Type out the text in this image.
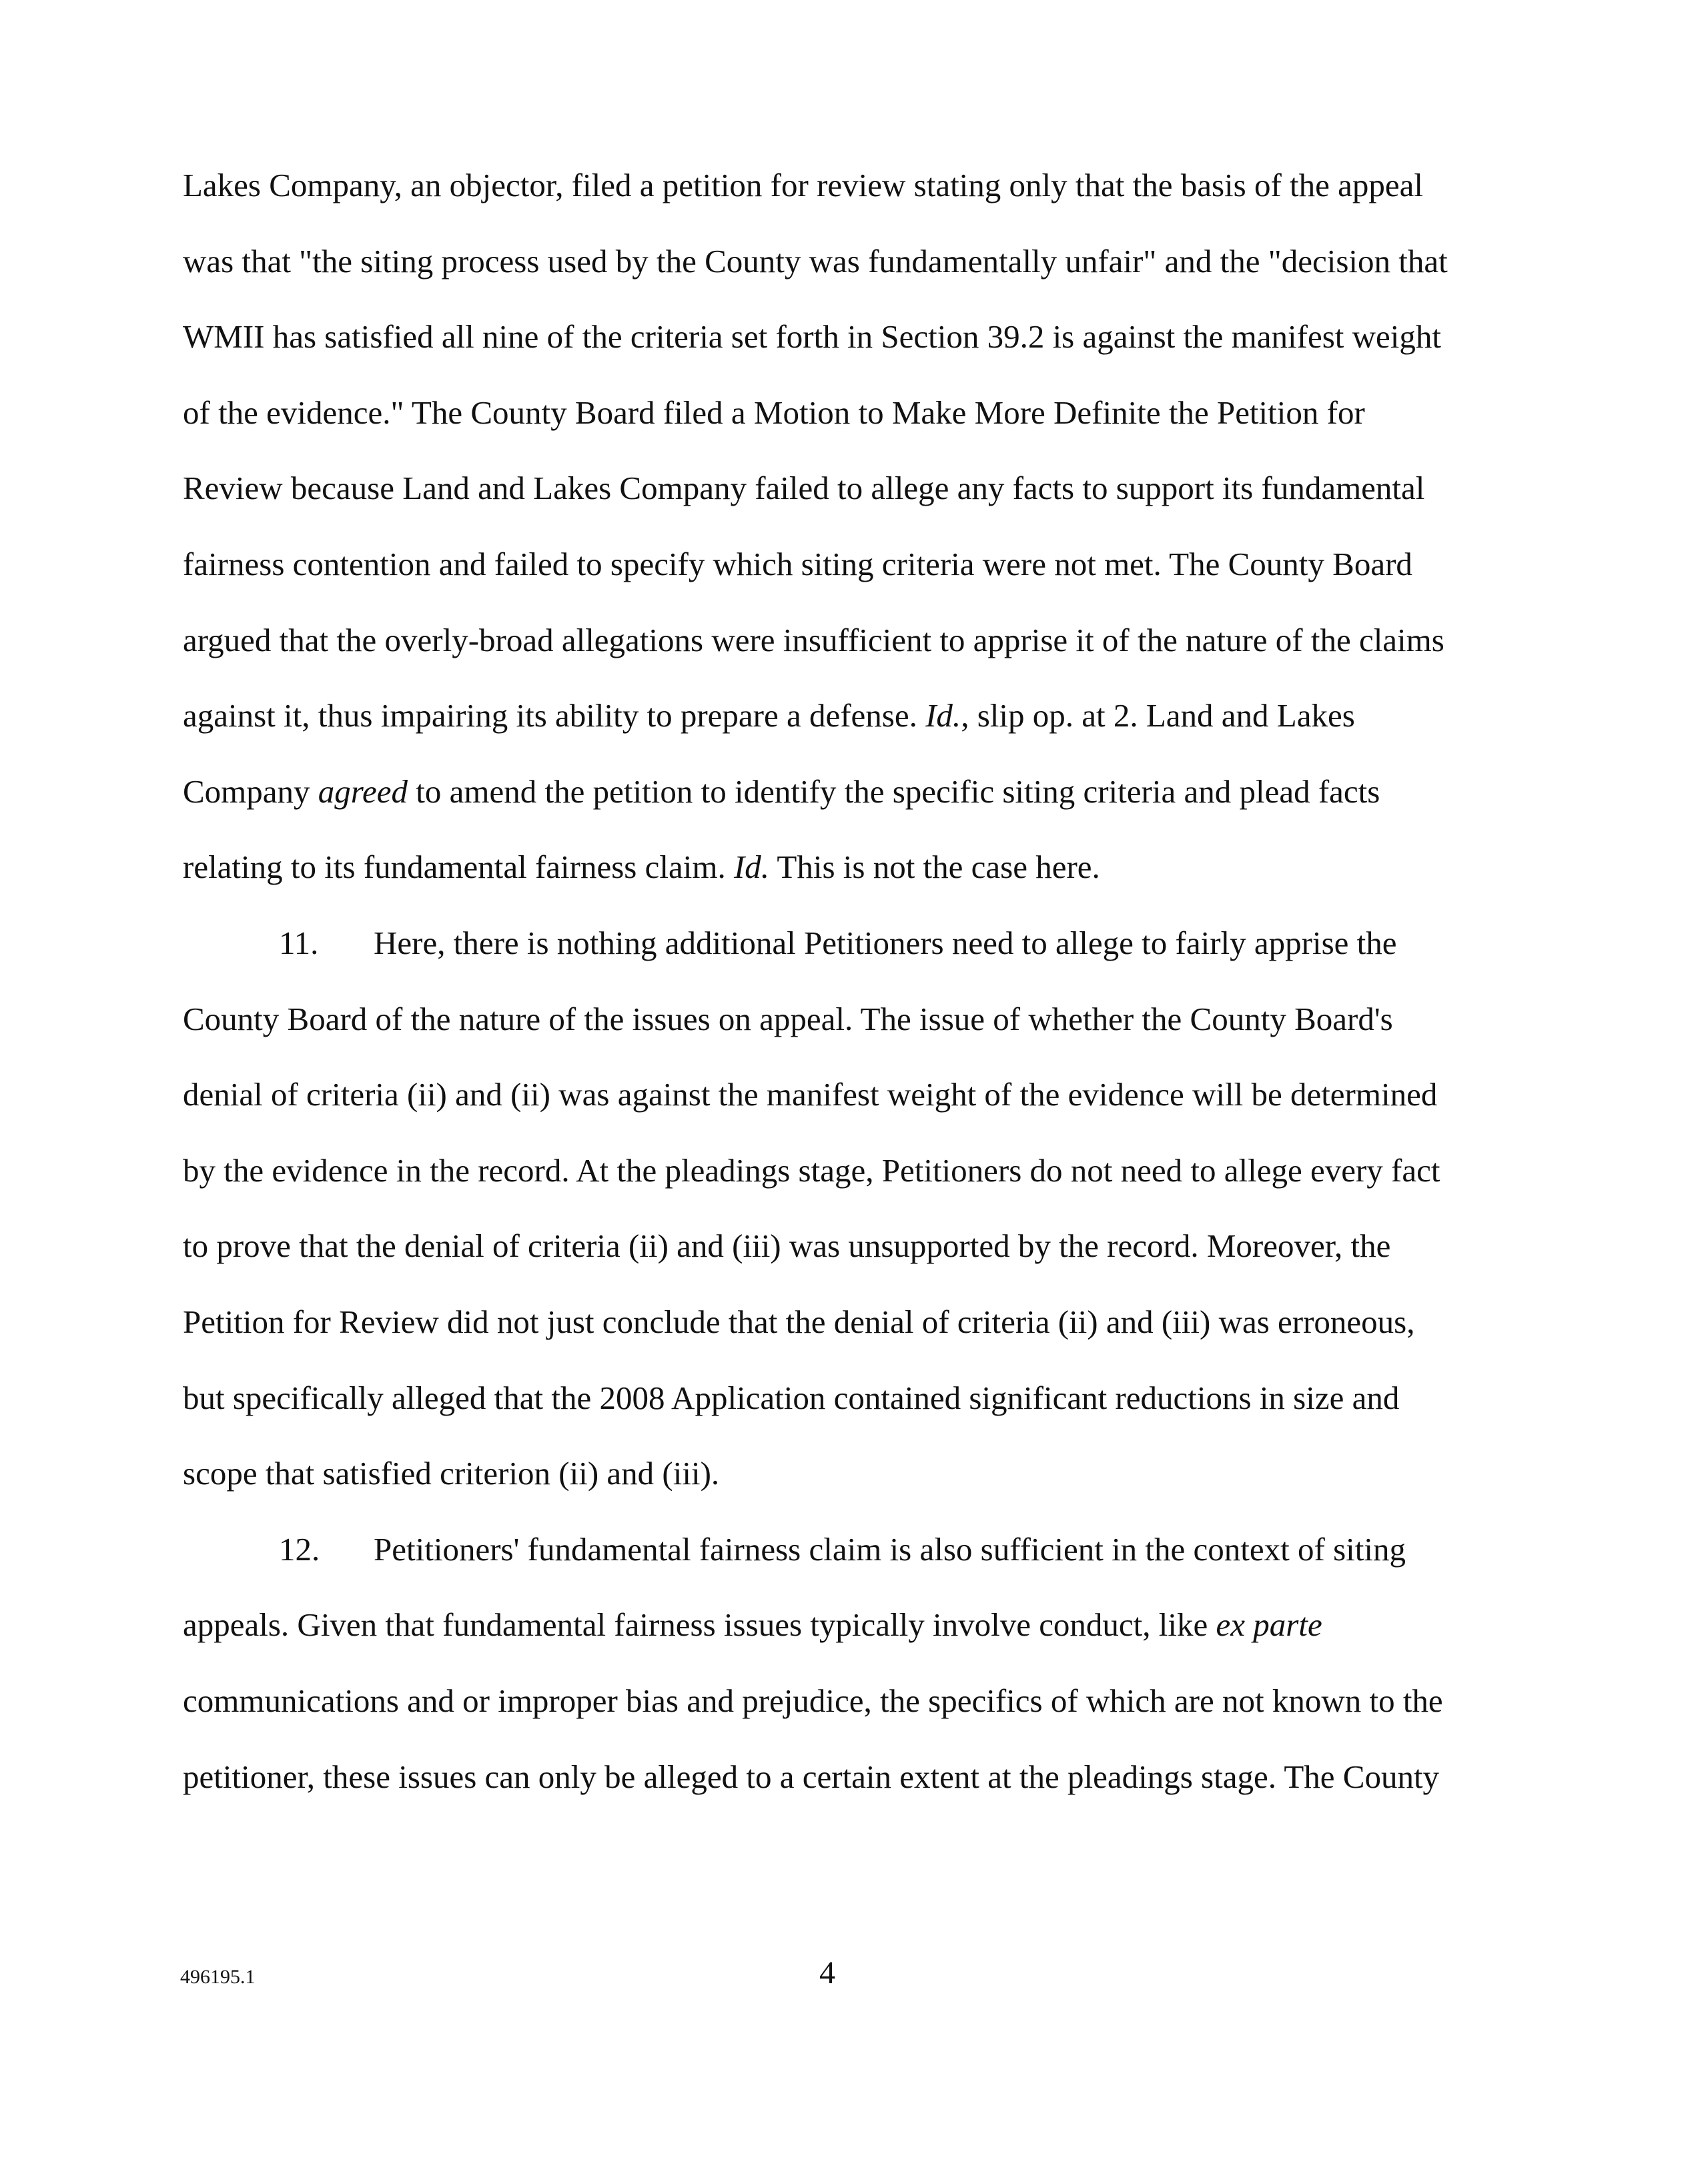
Lakes Company, an objector, filed a petition for review stating only that the basis of the appeal
was that "the siting process used by the County was fundamentally unfair" and the "decision that
WMII has satisfied all nine of the criteria set forth in Section 39.2 is against the manifest weight
of the evidence." The County Board filed a Motion to Make More Definite the Petition for
Review because Land and Lakes Company failed to allege any facts to support its fundamental
fairness contention and failed to specify which siting criteria were not met. The County Board
argued that the overly-broad allegations were insufficient to apprise it of the nature of the claims
against it, thus impairing its ability to prepare a defense. Id., slip op. at 2. Land and Lakes
Company agreed to amend the petition to identify the specific siting criteria and plead facts
relating to its fundamental fairness claim. Id. This is not the case here.
11. Here, there is nothing additional Petitioners need to allege to fairly apprise the
County Board of the nature of the issues on appeal. The issue of whether the County Board's
denial of criteria (ii) and (ii) was against the manifest weight of the evidence will be determined
by the evidence in the record. At the pleadings stage, Petitioners do not need to allege every fact
to prove that the denial of criteria (ii) and (iii) was unsupported by the record. Moreover, the
Petition for Review did not just conclude that the denial of criteria (ii) and (iii) was erroneous,
but specifically alleged that the 2008 Application contained significant reductions in size and
scope that satisfied criterion (ii) and (iii).
12. Petitioners' fundamental fairness claim is also sufficient in the context of siting
appeals. Given that fundamental fairness issues typically involve conduct, like ex parte
communications and or improper bias and prejudice, the specifics of which are not known to the
petitioner, these issues can only be alleged to a certain extent at the pleadings stage. The County
496195.1	4
